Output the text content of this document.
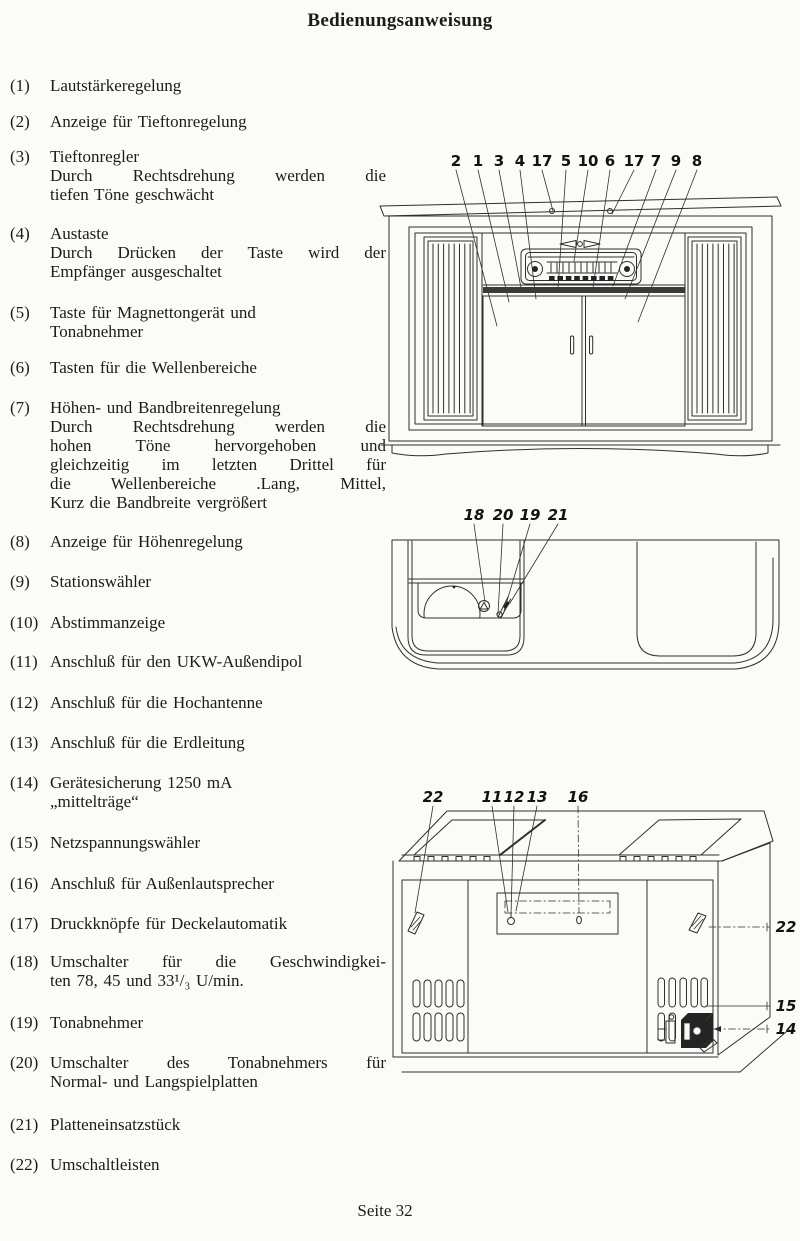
Bedienungsanweisung
(1)	Lautstärkeregelung
(2)	Anzeige für Tieftonregelung
(3)	Tieftonregler
Durch Rechtsdrehung werden die
tiefen Töne geschwächt
(4)	Austaste
Durch Drücken der Taste wird der
Empfänger ausgeschaltet
(5)	Taste für Magnettongerät und
Tonabnehmer
(6)	Tasten für die Wellenbereiche
(7)	Höhen- und Bandbreitenregelung
Durch Rechtsdrehung werden die
hohen Töne hervorgehoben und
gleichzeitig im letzten Drittel für
die Wellenbereiche .Lang, Mittel,
Kurz die Bandbreite vergrößert
(8)	Anzeige für Höhenregelung
(9)	Stationswähler
(10) Abstimmanzeige
(11) Anschluß für den UKW-Außendipol
(12) Anschluß für die Hochantenne
(13) Anschluß für die Erdleitung
(14) Gerätesicherung 1250 mA
„mittelträge“
(15) Netzspannungswähler
(16) Anschluß für Außenlautsprecher
(17) Druckknöpfe für Deckelautomatik
(18) Umschalter für die Geschwindigkei-
ten 78, 45 und 33¹/₃ U/min.
(19) Tonabnehmer
(20) Umschalter des Tonabnehmers für
Normal- und Langspielplatten
(21) Platteneinsatzstück
(22) Umschaltleisten
2 1 3 4 17 5 10 6 17 7 9 8
18 20 19 21
22	11 12 13 16
22
15
14
Seite 32
